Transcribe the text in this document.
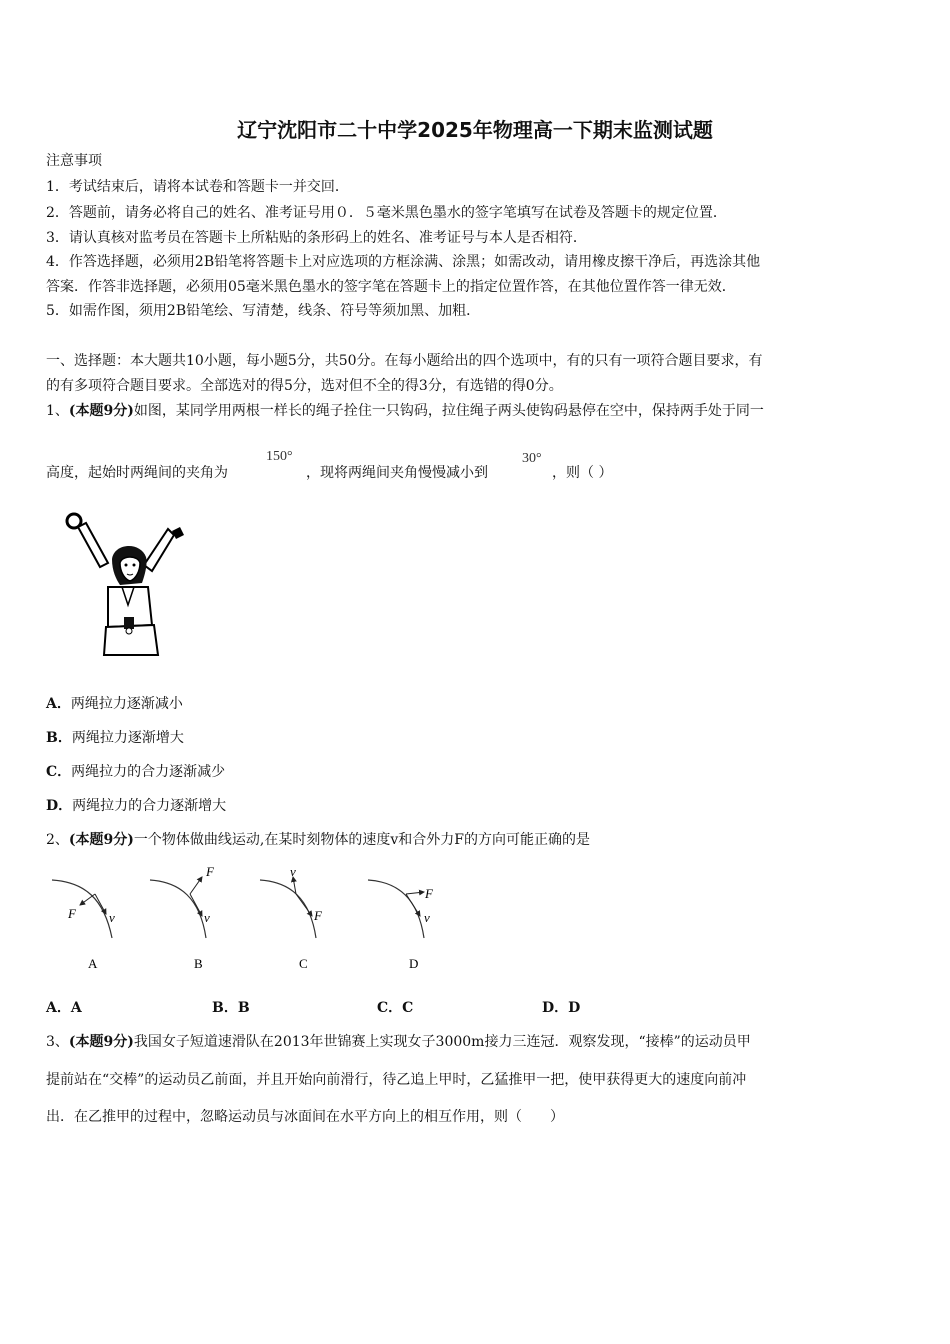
辽宁沈阳市二十中学2025年物理高一下期末监测试题
注意事项
1．考试结束后，请将本试卷和答题卡一并交回．
2．答题前，请务必将自己的姓名、准考证号用０．５毫米黑色墨水的签字笔填写在试卷及答题卡的规定位置．
3．请认真核对监考员在答题卡上所粘贴的条形码上的姓名、准考证号与本人是否相符．
4．作答选择题，必须用2B铅笔将答题卡上对应选项的方框涂满、涂黑；如需改动，请用橡皮擦干净后，再选涂其他
答案．作答非选择题，必须用05毫米黑色墨水的签字笔在答题卡上的指定位置作答，在其他位置作答一律无效．
5．如需作图，须用2B铅笔绘、写清楚，线条、符号等须加黑、加粗．
一、选择题：本大题共10小题，每小题5分，共50分。在每小题给出的四个选项中，有的只有一项符合题目要求，有
的有多项符合题目要求。全部选对的得5分，选对但不全的得3分，有选错的得0分。
1、(本题9分)如图，某同学用两根一样长的绳子拴住一只钩码，拉住绳子两头使钩码悬停在空中，保持两手处于同一
高度，起始时两绳间的夹角为
150°
，现将两绳间夹角慢慢减小到
30°
，则（ ）
A．两绳拉力逐渐减小
B．两绳拉力逐渐增大
C．两绳拉力的合力逐渐减少
D．两绳拉力的合力逐渐增大
2、(本题9分)一个物体做曲线运动,在某时刻物体的速度v和合外力F的方向可能正确的是
F	v
A
F
v
B
v
F
C
F
v
D
A．A	B．B	C．C	D．D
3、(本题9分)我国女子短道速滑队在2013年世锦赛上实现女子3000m接力三连冠．观察发现，“接棒”的运动员甲
提前站在“交棒”的运动员乙前面，并且开始向前滑行，待乙追上甲时，乙猛推甲一把，使甲获得更大的速度向前冲
出．在乙推甲的过程中，忽略运动员与冰面间在水平方向上的相互作用，则（　　）
